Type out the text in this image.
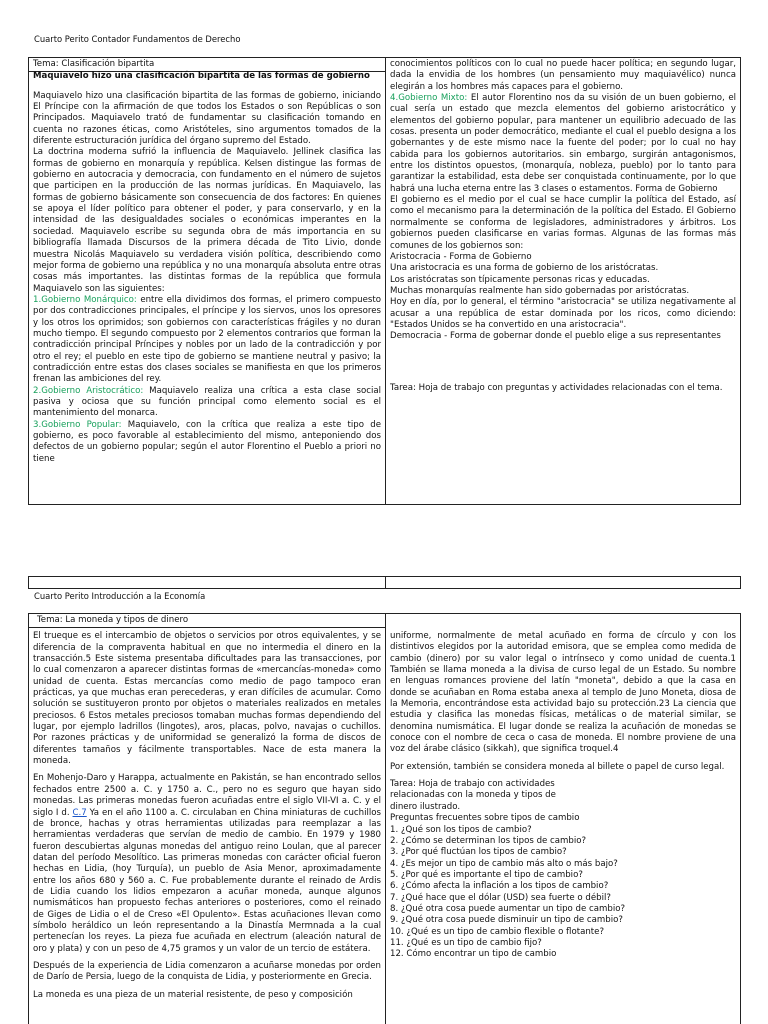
Cuarto Perito Contador Fundamentos de Derecho

Tema: Clasificación bipartita

Maquiavelo hizo una clasificación bipartita de las formas de gobierno

Maquiavelo hizo una clasificación bipartita de las formas de gobierno, iniciando El Príncipe con la afirmación de que todos los Estados o son Repúblicas o son Principados. Maquiavelo trató de fundamentar su clasificación tomando en cuenta no razones éticas, como Aristóteles, sino argumentos tomados de la diferente estructuración jurídica del órgano supremo del Estado.

La doctrina moderna sufrió la influencia de Maquiavelo. Jellinek clasifica las formas de gobierno en monarquía y república. Kelsen distingue las formas de gobierno en autocracia y democracia, con fundamento en el número de sujetos que participen en la producción de las normas jurídicas. En Maquiavelo, las formas de gobierno básicamente son consecuencia de dos factores: En quienes se apoya el líder político para obtener el poder, y para conservarlo, y en la intensidad de las desigualdades sociales o económicas imperantes en la sociedad. Maquiavelo escribe su segunda obra de más importancia en su bibliografía llamada Discursos de la primera década de Tito Livio, donde muestra Nicolás Maquiavelo su verdadera visión política, describiendo como mejor forma de gobierno una república y no una monarquía absoluta entre otras cosas más importantes. las distintas formas de la república que formula Maquiavelo son las siguientes:

1.Gobierno Monárquico: entre ella dividimos dos formas, el primero compuesto por dos contradicciones principales, el príncipe y los siervos, unos los opresores y los otros los oprimidos; son gobiernos con características frágiles y no duran mucho tiempo. El segundo compuesto por 2 elementos contrarios que forman la contradicción principal Príncipes y nobles por un lado de la contradicción y por otro el rey; el pueblo en este tipo de gobierno se mantiene neutral y pasivo; la contradicción entre estas dos clases sociales se manifiesta en que los primeros frenan las ambiciones del rey.

2.Gobierno Aristocrático: Maquiavelo realiza una crítica a esta clase social pasiva y ociosa que su función principal como elemento social es el mantenimiento del monarca.

3.Gobierno Popular: Maquiavelo, con la crítica que realiza a este tipo de gobierno, es poco favorable al establecimiento del mismo, anteponiendo dos defectos de un gobierno popular; según el autor Florentino el Pueblo a priori no tiene

conocimientos políticos con lo cual no puede hacer política; en segundo lugar, dada la envidia de los hombres (un pensamiento muy maquiavélico) nunca elegirán a los hombres más capaces para el gobierno.

4.Gobierno Mixto: El autor Florentino nos da su visión de un buen gobierno, el cual sería un estado que mezcla elementos del gobierno aristocrático y elementos del gobierno popular, para mantener un equilibrio adecuado de las cosas. presenta un poder democrático, mediante el cual el pueblo designa a los gobernantes y de este mismo nace la fuente del poder; por lo cual no hay cabida para los gobiernos autoritarios. sin embargo, surgirán antagonismos, entre los distintos opuestos, (monarquía, nobleza, pueblo) por lo tanto para garantizar la estabilidad, esta debe ser conquistada continuamente, por lo que habrá una lucha eterna entre las 3 clases o estamentos. Forma de Gobierno

El gobierno es el medio por el cual se hace cumplir la política del Estado, así como el mecanismo para la determinación de la política del Estado. El Gobierno normalmente se conforma de legisladores, administradores y árbitros. Los gobiernos pueden clasificarse en varias formas. Algunas de las formas más comunes de los gobiernos son:

Aristocracia - Forma de Gobierno

Una aristocracia es una forma de gobierno de los aristócratas.

Los aristócratas son típicamente personas ricas y educadas.

Muchas monarquías realmente han sido gobernadas por aristócratas.

Hoy en día, por lo general, el término "aristocracia" se utiliza negativamente al acusar a una república de estar dominada por los ricos, como diciendo: "Estados Unidos se ha convertido en una aristocracia".

Democracia - Forma de gobernar donde el pueblo elige a sus representantes

Tarea: Hoja de trabajo con preguntas y actividades relacionadas con el tema.

Cuarto Perito Introducción a la Economía

Tema: La moneda y tipos de dinero

El trueque es el intercambio de objetos o servicios por otros equivalentes, y se diferencia de la compraventa habitual en que no intermedia el dinero en la transacción.5 Este sistema presentaba dificultades para las transacciones, por lo cual comenzaron a aparecer distintas formas de «mercancías-moneda» como unidad de cuenta. Estas mercancías como medio de pago tampoco eran prácticas, ya que muchas eran perecederas, y eran difíciles de acumular. Como solución se sustituyeron pronto por objetos o materiales realizados en metales preciosos. 6 Estos metales preciosos tomaban muchas formas dependiendo del lugar, por ejemplo ladrillos (lingotes), aros, placas, polvo, navajas o cuchillos. Por razones prácticas y de uniformidad se generalizó la forma de discos de diferentes tamaños y fácilmente transportables. Nace de esta manera la moneda.

En Mohenjo-Daro y Harappa, actualmente en Pakistán, se han encontrado sellos fechados entre 2500 a. C. y 1750 a. C., pero no es seguro que hayan sido monedas. Las primeras monedas fueron acuñadas entre el siglo VII-VI a. C. y el siglo I d. C.7 Ya en el año 1100 a. C. circulaban en China miniaturas de cuchillos de bronce, hachas y otras herramientas utilizadas para reemplazar a las herramientas verdaderas que servían de medio de cambio. En 1979 y 1980 fueron descubiertas algunas monedas del antiguo reino Loulan, que al parecer datan del período Mesolítico. Las primeras monedas con carácter oficial fueron hechas en Lidia, (hoy Turquía), un pueblo de Asia Menor, aproximadamente entre los años 680 y 560 a. C. Fue probablemente durante el reinado de Ardis de Lidia cuando los lidios empezaron a acuñar moneda, aunque algunos numismáticos han propuesto fechas anteriores o posteriores, como el reinado de Giges de Lidia o el de Creso «El Opulento». Estas acuñaciones llevan como símbolo heráldico un león representando a la Dinastía Mermnada a la cual pertenecían los reyes. La pieza fue acuñada en electrum (aleación natural de oro y plata) y con un peso de 4,75 gramos y un valor de un tercio de estátera.

Después de la experiencia de Lidia comenzaron a acuñarse monedas por orden de Darío de Persia, luego de la conquista de Lidia, y posteriormente en Grecia.

La moneda es una pieza de un material resistente, de peso y composición

uniforme, normalmente de metal acuñado en forma de círculo y con los distintivos elegidos por la autoridad emisora, que se emplea como medida de cambio (dinero) por su valor legal o intrínseco y como unidad de cuenta.1 También se llama moneda a la divisa de curso legal de un Estado. Su nombre en lenguas romances proviene del latín "moneta", debido a que la casa en donde se acuñaban en Roma estaba anexa al templo de Juno Moneta, diosa de la Memoria, encontrándose esta actividad bajo su protección.23 La ciencia que estudia y clasifica las monedas físicas, metálicas o de material similar, se denomina numismática. El lugar donde se realiza la acuñación de monedas se conoce con el nombre de ceca o casa de moneda. El nombre proviene de una voz del árabe clásico (sikkah), que significa troquel.4

Por extensión, también se considera moneda al billete o papel de curso legal.

Tarea: Hoja de trabajo con actividades relacionadas con la moneda y tipos de dinero ilustrado.

Preguntas frecuentes sobre tipos de cambio

1. ¿Qué son los tipos de cambio?
2. ¿Cómo se determinan los tipos de cambio?
3. ¿Por qué fluctúan los tipos de cambio?
4. ¿Es mejor un tipo de cambio más alto o más bajo?
5. ¿Por qué es importante el tipo de cambio?
6. ¿Cómo afecta la inflación a los tipos de cambio?
7. ¿Qué hace que el dólar (USD) sea fuerte o débil?
8. ¿Qué otra cosa puede aumentar un tipo de cambio?
9. ¿Qué otra cosa puede disminuir un tipo de cambio?
10. ¿Qué es un tipo de cambio flexible o flotante?
11. ¿Qué es un tipo de cambio fijo?
12. Cómo encontrar un tipo de cambio
